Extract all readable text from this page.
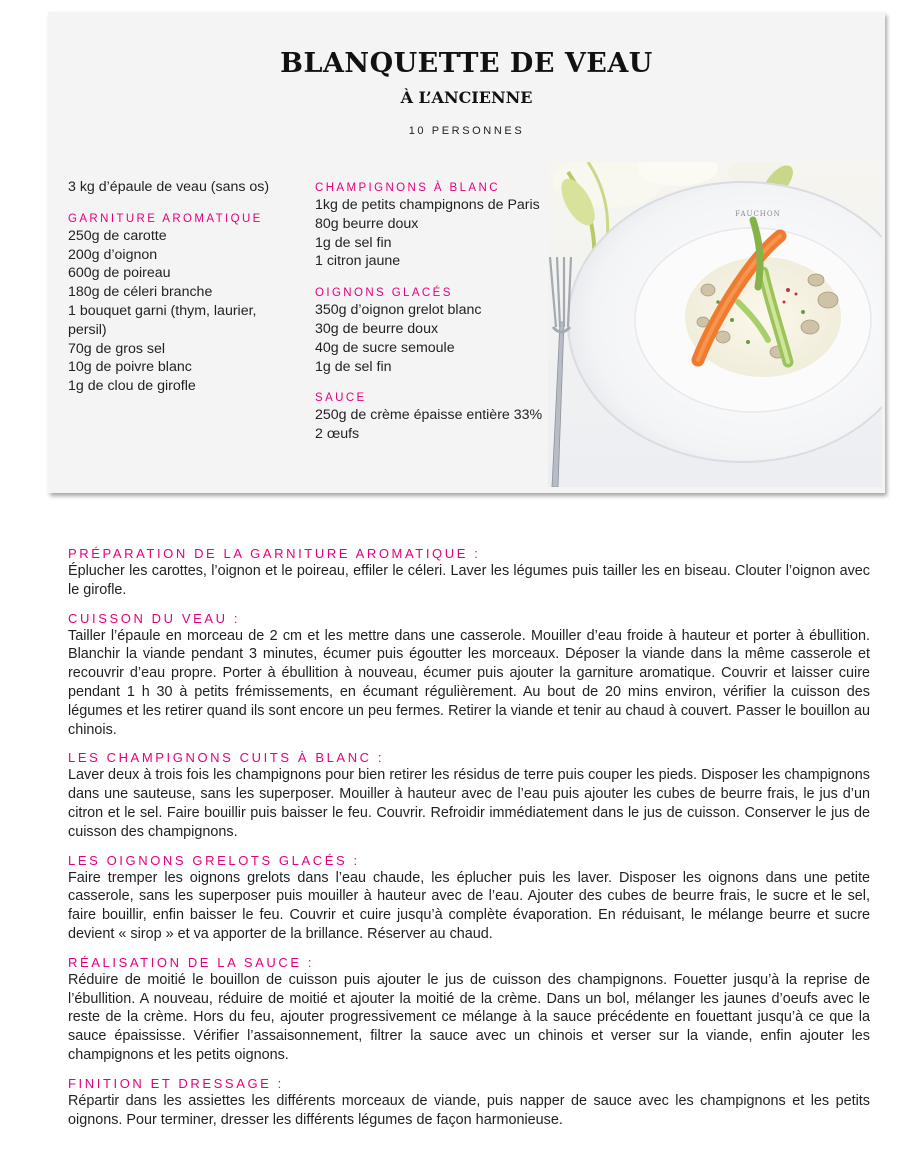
BLANQUETTE DE VEAU
À L’ANCIENNE
10 PERSONNES
3 kg d’épaule de veau (sans os)
GARNITURE AROMATIQUE
250g de carotte
200g d’oignon
600g de poireau
180g de céleri branche
1 bouquet garni (thym, laurier, persil)
70g de gros sel
10g de poivre blanc
1g de clou de girofle
CHAMPIGNONS À BLANC
1kg de petits champignons de Paris
80g beurre doux
1g de sel fin
1 citron jaune
OIGNONS GLACÉS
350g d’oignon grelot blanc
30g de beurre doux
40g de sucre semoule
1g de sel fin
SAUCE
250g de crème épaisse entière 33%
2 œufs
FAUCHON
PRÉPARATION DE LA GARNITURE AROMATIQUE :
Éplucher les carottes, l’oignon et le poireau, effiler le céleri. Laver les légumes puis tailler les en biseau. Clouter l’oignon avec le girofle.
CUISSON DU VEAU :
Tailler l’épaule en morceau de 2 cm et les mettre dans une casserole. Mouiller d’eau froide à hauteur et porter à ébullition. Blanchir la viande pendant 3 minutes, écumer puis égoutter les morceaux. Déposer la viande dans la même casserole et recouvrir d’eau propre. Porter à ébullition à nouveau, écumer puis ajouter la garniture aromatique. Couvrir et laisser cuire pendant 1 h 30 à petits frémissements, en écumant régulièrement. Au bout de 20 mins environ, vérifier la cuisson des légumes et les retirer quand ils sont encore un peu fermes. Retirer la viande et tenir au chaud à couvert. Passer le bouillon au chinois.
LES CHAMPIGNONS CUITS À BLANC :
Laver deux à trois fois les champignons pour bien retirer les résidus de terre puis couper les pieds. Disposer les champignons dans une sauteuse, sans les superposer. Mouiller à hauteur avec de l’eau puis ajouter les cubes de beurre frais, le jus d’un citron et le sel. Faire bouillir puis baisser le feu. Couvrir. Refroidir immédiatement dans le jus de cuisson. Conserver le jus de cuisson des champignons.
LES OIGNONS GRELOTS GLACÉS :
Faire tremper les oignons grelots dans l’eau chaude, les éplucher puis les laver. Disposer les oignons dans une petite casserole, sans les superposer puis mouiller à hauteur avec de l’eau. Ajouter des cubes de beurre frais, le sucre et le sel, faire bouillir, enfin baisser le feu. Couvrir et cuire jusqu’à complète évaporation. En réduisant, le mélange beurre et sucre devient « sirop » et va apporter de la brillance. Réserver au chaud.
RÉALISATION DE LA SAUCE :
Réduire de moitié le bouillon de cuisson puis ajouter le jus de cuisson des champignons. Fouetter jusqu’à la reprise de l’ébullition. A nouveau, réduire de moitié et ajouter la moitié de la crème. Dans un bol, mélanger les jaunes d’oeufs avec le reste de la crème. Hors du feu, ajouter progressivement ce mélange à la sauce précédente en fouettant jusqu’à ce que la sauce épaississe. Vérifier l’assaisonnement, filtrer la sauce avec un chinois et verser sur la viande, enfin ajouter les champignons et les petits oignons.
FINITION ET DRESSAGE :
Répartir dans les assiettes les différents morceaux de viande, puis napper de sauce avec les champignons et les petits oignons. Pour terminer, dresser les différents légumes de façon harmonieuse.
